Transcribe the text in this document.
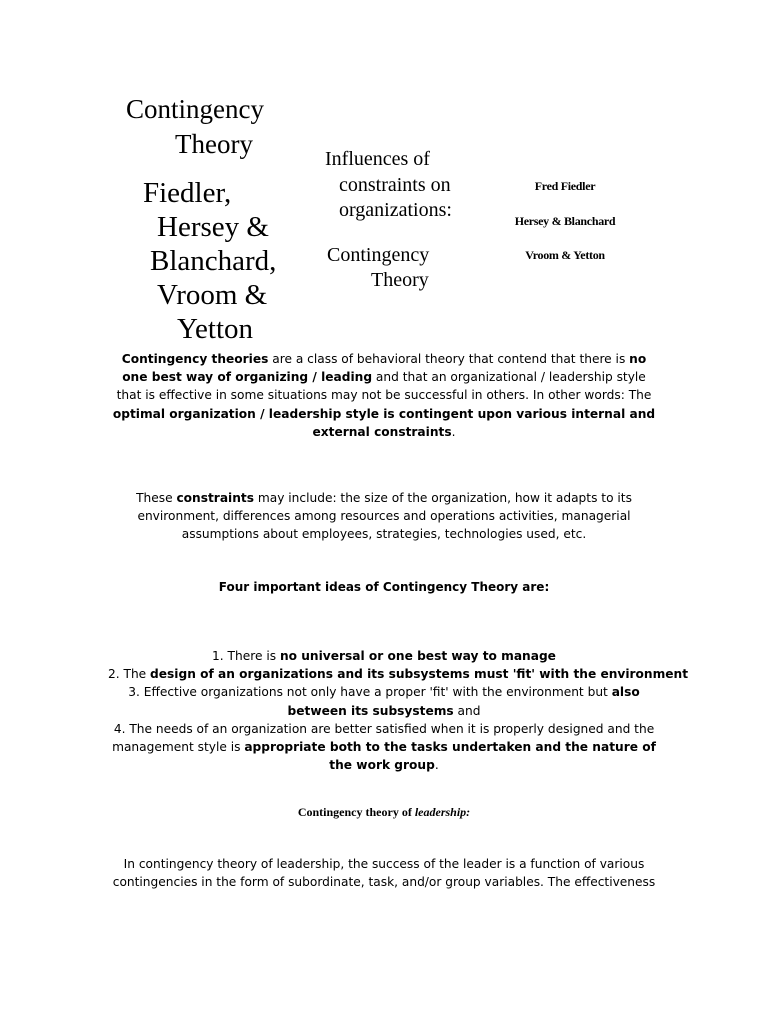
Contingency
Theory
Fiedler,
Hersey &
Blanchard,
Vroom &
Yetton
Influences of
constraints on
organizations:
Contingency
Theory
Fred Fiedler
Hersey & Blanchard
Vroom & Yetton
Contingency theories are a class of behavioral theory that contend that there is no one best way of organizing / leading and that an organizational / leadership style that is effective in some situations may not be successful in others. In other words: The optimal organization / leadership style is contingent upon various internal and external constraints.
These constraints may include: the size of the organization, how it adapts to its environment, differences among resources and operations activities, managerial assumptions about employees, strategies, technologies used, etc.
Four important ideas of Contingency Theory are:
1. There is no universal or one best way to manage
2. The design of an organizations and its subsystems must 'fit' with the environment
3. Effective organizations not only have a proper 'fit' with the environment but also between its subsystems and
4. The needs of an organization are better satisfied when it is properly designed and the management style is appropriate both to the tasks undertaken and the nature of the work group.
Contingency theory of leadership:
In contingency theory of leadership, the success of the leader is a function of various
contingencies in the form of subordinate, task, and/or group variables. The effectiveness
